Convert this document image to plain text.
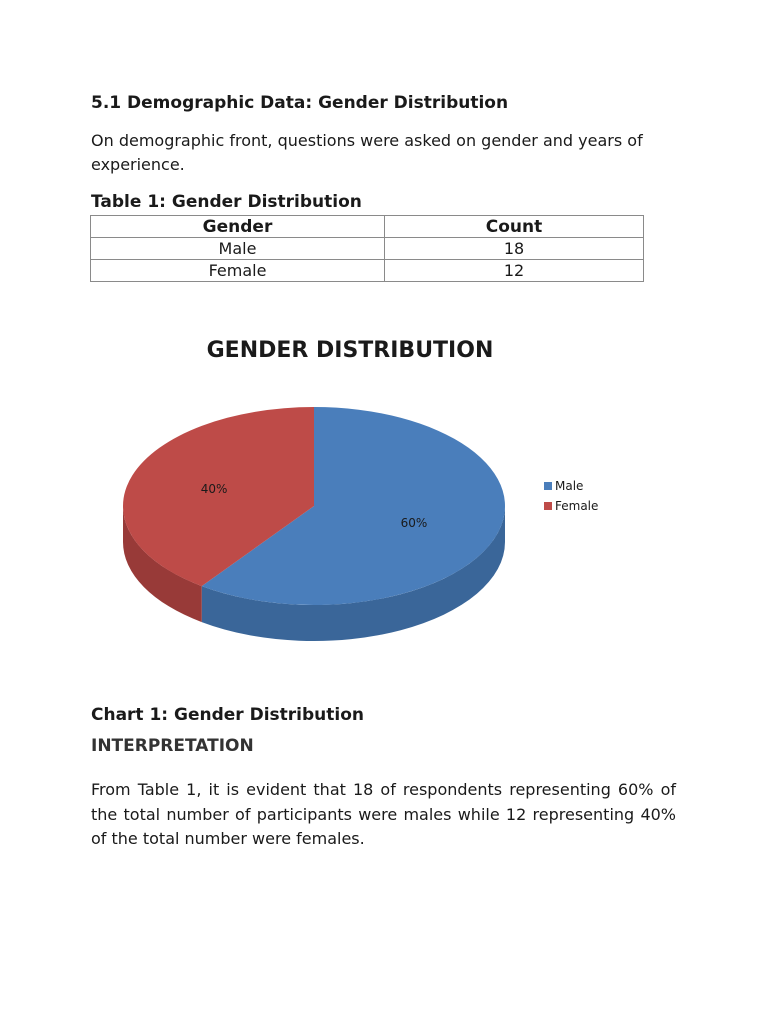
5.1 Demographic Data: Gender Distribution

On demographic front, questions were asked on gender and years of experience.

Table 1: Gender Distribution

Gender	Count
Male	18
Female	12
60%
40%	Male
Female

GENDER DISTRIBUTION

Chart 1: Gender Distribution

INTERPRETATION

From Table 1, it is evident that 18 of respondents representing 60% of the total number of participants were males while 12 representing 40% of the total number were females.
